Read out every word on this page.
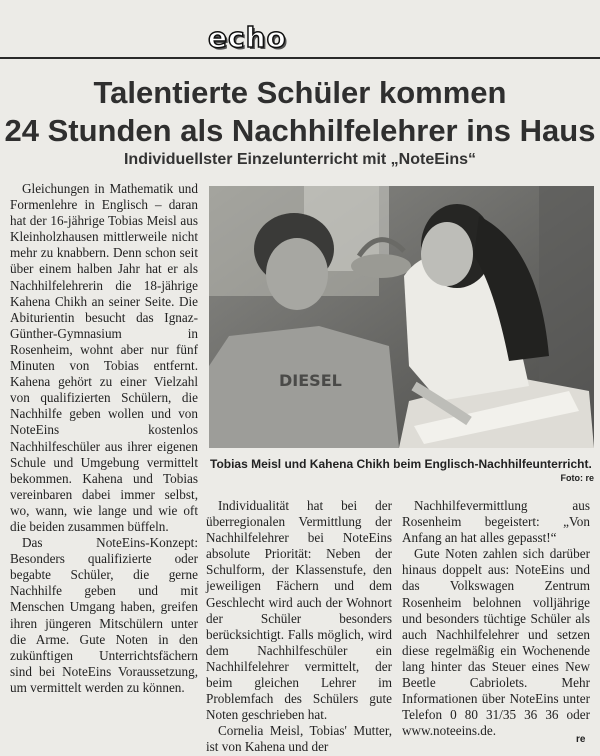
echo
Talentierte Schüler kommen
24 Stunden als Nachhilfelehrer ins Haus
Individuellster Einzelunterricht mit „NoteEins“

Gleichungen in Mathematik und Formenlehre in Englisch – daran hat der 16-jährige Tobias Meisl aus Kleinholzhausen mittlerweile nicht mehr zu knabbern. Denn schon seit über einem halben Jahr hat er als Nachhilfelehrerin die 18-jährige Kahena Chikh an seiner Seite. Die Abiturientin besucht das Ignaz-Günther-Gymnasium in Rosenheim, wohnt aber nur fünf Minuten von Tobias entfernt. Kahena gehört zu einer Vielzahl von qualifizierten Schülern, die Nachhilfe geben wollen und von NoteEins kostenlos Nachhilfeschüler aus ihrer eigenen Schule und Umgebung vermittelt bekommen. Kahena und Tobias vereinbaren dabei immer selbst, wo, wann, wie lange und wie oft die beiden zusammen büffeln.

Das NoteEins-Konzept: Besonders qualifizierte oder begabte Schüler, die gerne Nachhilfe geben und mit Menschen Umgang haben, greifen ihren jüngeren Mitschülern unter die Arme. Gute Noten in den zukünftigen Unterrichtsfächern sind bei NoteEins Voraussetzung, um vermittelt werden zu können.

DIESEL
Tobias Meisl und Kahena Chikh beim Englisch-Nachhilfeunterricht.
Foto: re

Individualität hat bei der überregionalen Vermittlung der Nachhilfelehrer bei NoteEins absolute Priorität: Neben der Schulform, der Klassenstufe, den jeweiligen Fächern und dem Geschlecht wird auch der Wohnort der Schüler besonders berücksichtigt. Falls möglich, wird dem Nachhilfeschüler ein Nachhilfelehrer vermittelt, der beim gleichen Lehrer im Problemfach des Schülers gute Noten geschrieben hat.

Cornelia Meisl, Tobias' Mutter, ist von Kahena und der

Nachhilfevermittlung aus Rosenheim begeistert: „Von Anfang an hat alles gepasst!“

Gute Noten zahlen sich darüber hinaus doppelt aus: NoteEins und das Volkswagen Zentrum Rosenheim belohnen volljährige und besonders tüchtige Schüler als auch Nachhilfelehrer und setzen diese regelmäßig ein Wochenende lang hinter das Steuer eines New Beetle Cabriolets. Mehr Informationen über NoteEins unter Telefon 0 80 31/35 36 36 oder www.noteeins.de.

re
